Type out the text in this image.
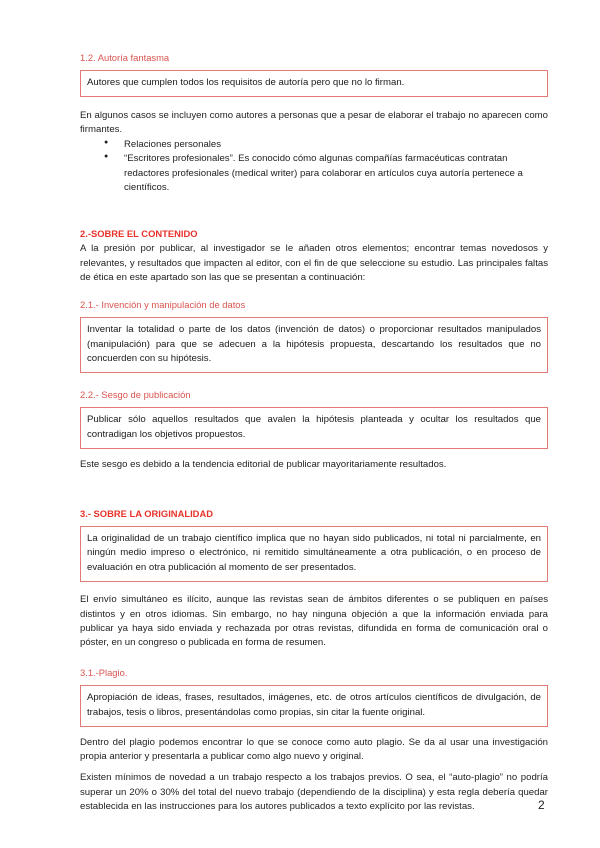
1.2. Autoría fantasma
Autores que cumplen todos los requisitos de autoría pero que no lo firman.

En algunos casos se incluyen como autores a personas que a pesar de elaborar el trabajo no aparecen como firmantes.

● Relaciones personales
● “Escritores profesionales”. Es conocido cómo algunas compañías farmacéuticas contratan redactores profesionales (medical writer) para colaborar en artículos cuya autoría pertenece a científicos.
2.-SOBRE EL CONTENIDO

A la presión por publicar, al investigador se le añaden otros elementos; encontrar temas novedosos y relevantes, y resultados que impacten al editor, con el fin de que seleccione su estudio. Las principales faltas de ética en este apartado son las que se presentan a continuación:

2.1.- Invención y manipulación de datos
Inventar la totalidad o parte de los datos (invención de datos) o proporcionar resultados manipulados (manipulación) para que se adecuen a la hipótesis propuesta, descartando los resultados que no concuerden con su hipótesis.
2.2.- Sesgo de publicación
Publicar sólo aquellos resultados que avalen la hipótesis planteada y ocultar los resultados que contradigan los objetivos propuestos.

Este sesgo es debido a la tendencia editorial de publicar mayoritariamente resultados.

3.- SOBRE LA ORIGINALIDAD
La originalidad de un trabajo científico implica que no hayan sido publicados, ni total ni parcialmente, en ningún medio impreso o electrónico, ni remitido simultáneamente a otra publicación, o en proceso de evaluación en otra publicación al momento de ser presentados.

El envío simultáneo es ilícito, aunque las revistas sean de ámbitos diferentes o se publiquen en países distintos y en otros idiomas. Sin embargo, no hay ninguna objeción a que la información enviada para publicar ya haya sido enviada y rechazada por otras revistas, difundida en forma de comunicación oral o póster, en un congreso o publicada en forma de resumen.

3.1.-Plagio.
Apropiación de ideas, frases, resultados, imágenes, etc. de otros artículos científicos de divulgación, de trabajos, tesis o libros, presentándolas como propias, sin citar la fuente original.

Dentro del plagio podemos encontrar lo que se conoce como auto plagio. Se da al usar una investigación propia anterior y presentarla a publicar como algo nuevo y original.

Existen mínimos de novedad a un trabajo respecto a los trabajos previos. O sea, el “auto-plagio” no podría superar un 20% o 30% del total del nuevo trabajo (dependiendo de la disciplina) y esta regla debería quedar establecida en las instrucciones para los autores publicados a texto explícito por las revistas.	2
